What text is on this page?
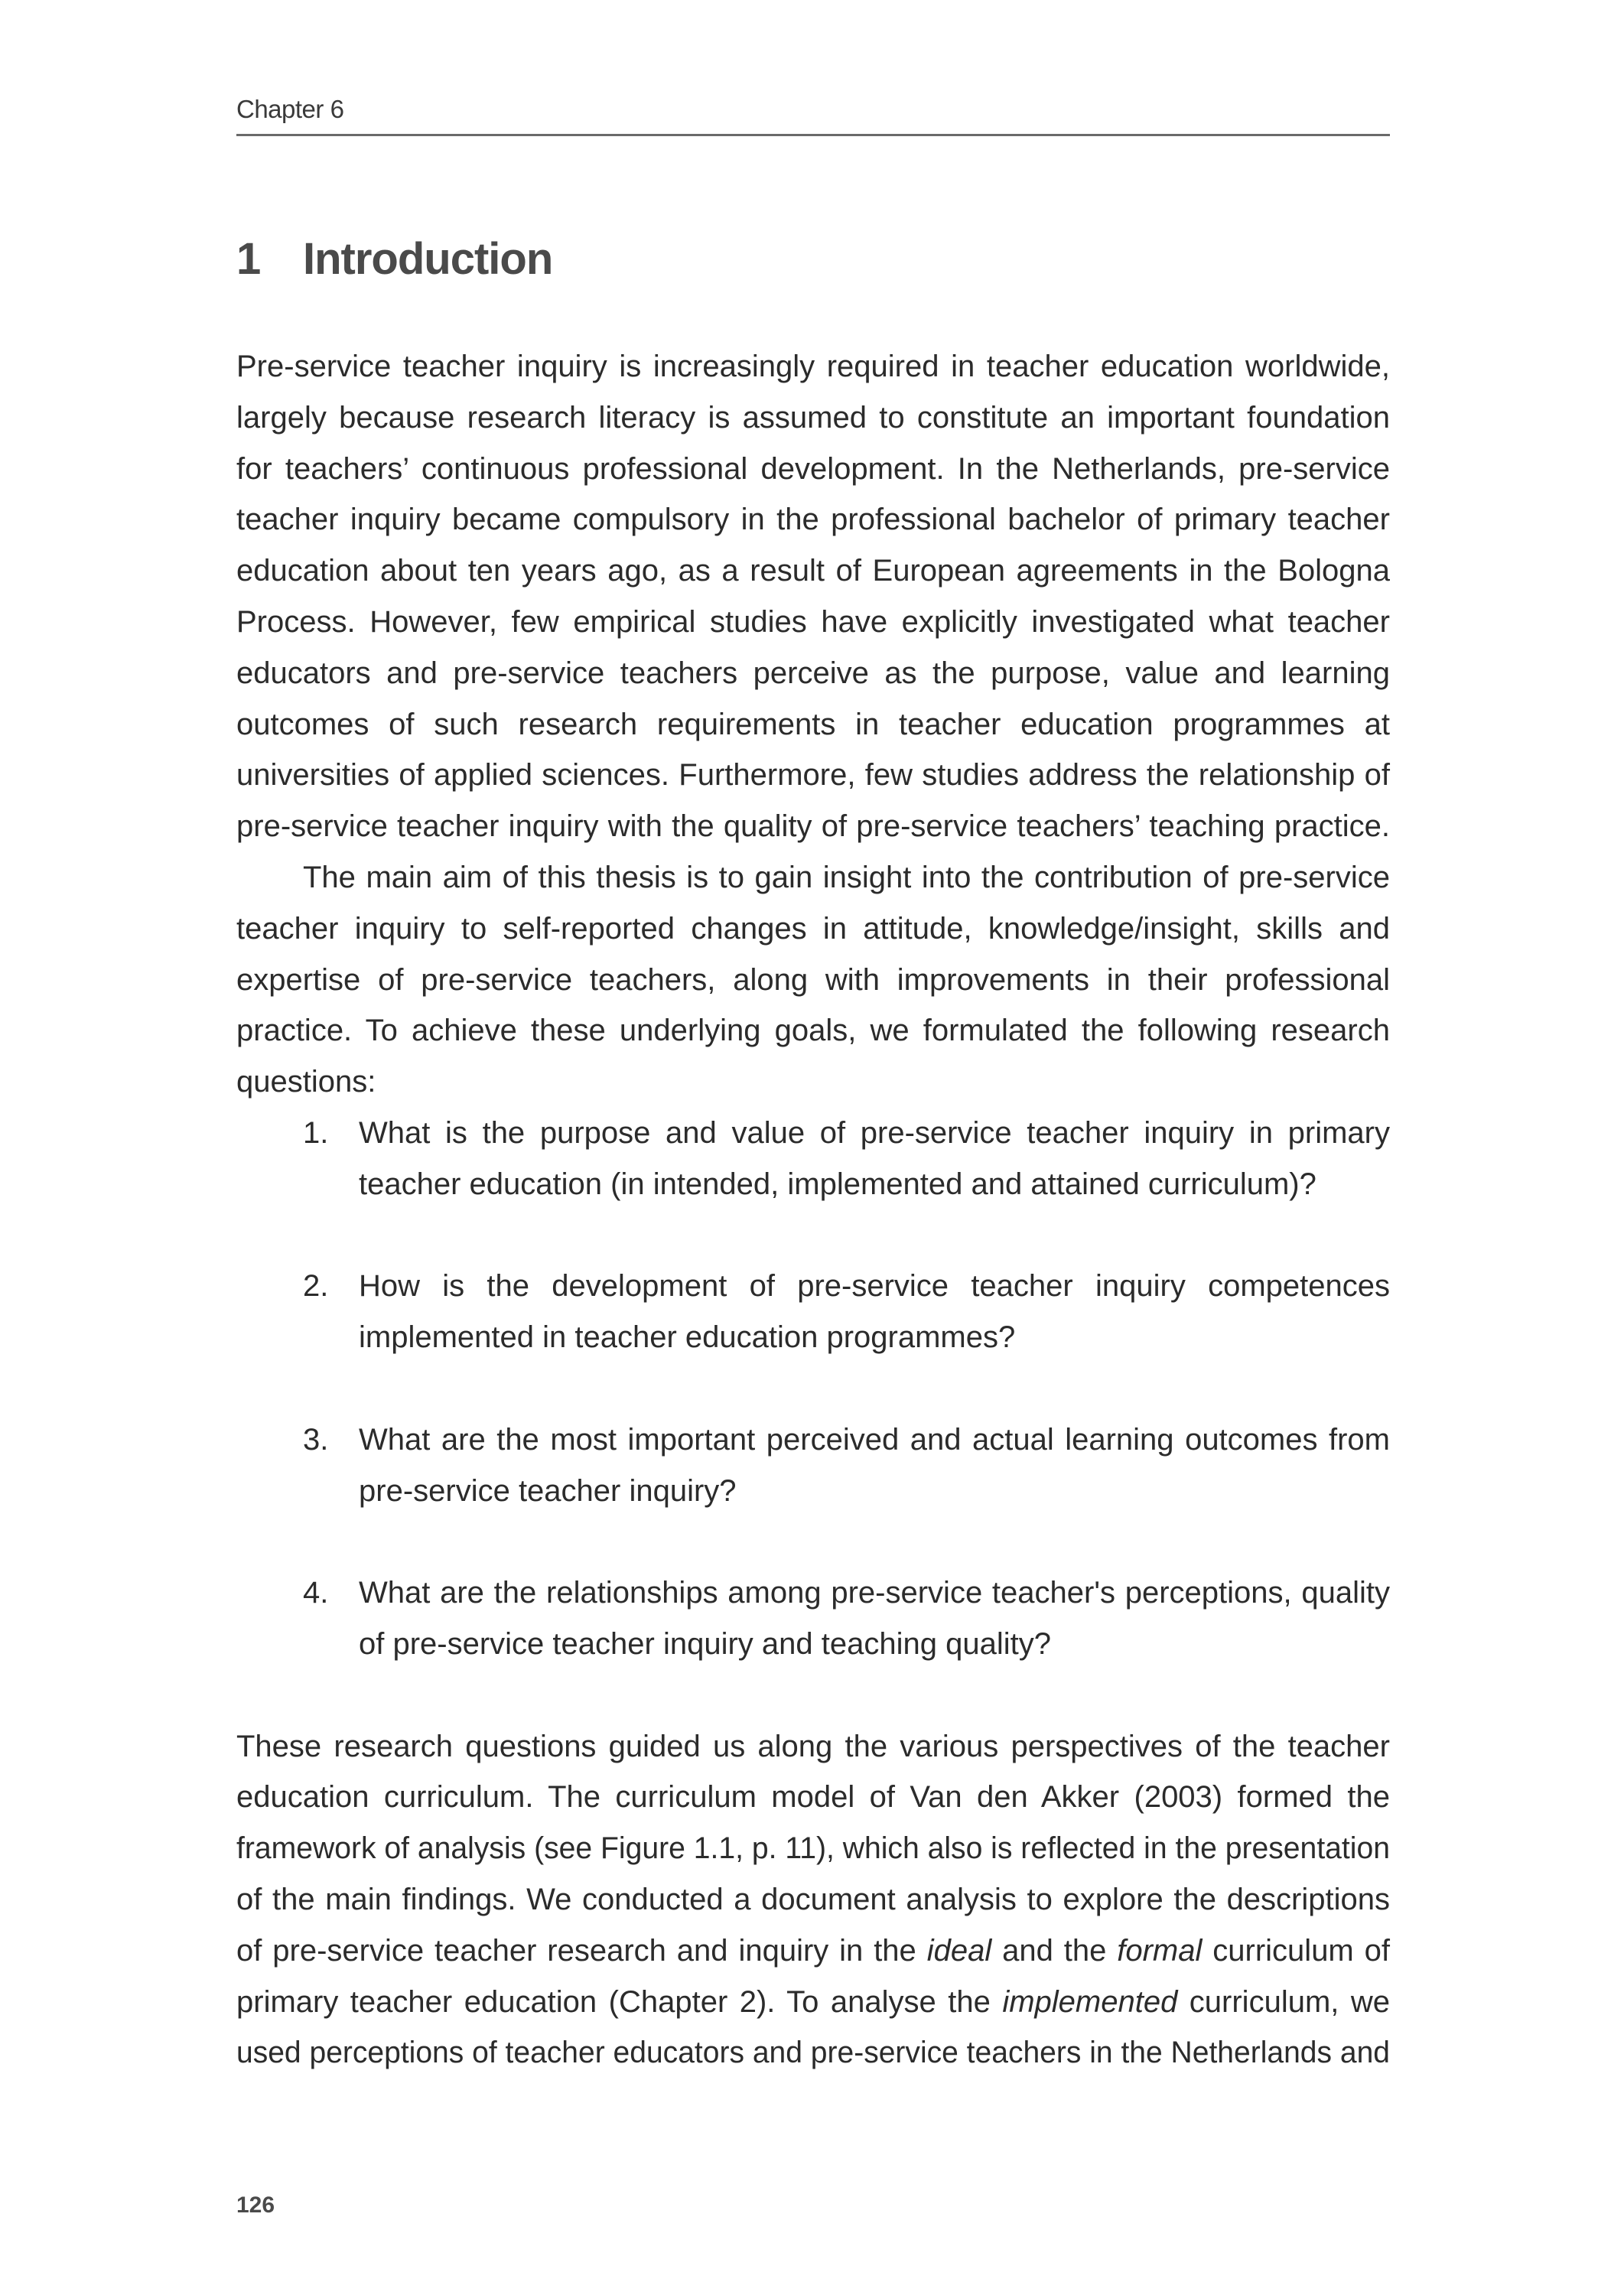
Chapter 6
1 Introduction
Pre-service teacher inquiry is increasingly required in teacher education worldwide,
largely because research literacy is assumed to constitute an important foundation
for teachers’ continuous professional development. In the Netherlands, pre-service
teacher inquiry became compulsory in the professional bachelor of primary teacher
education about ten years ago, as a result of European agreements in the Bologna
Process. However, few empirical studies have explicitly investigated what teacher
educators and pre-service teachers perceive as the purpose, value and learning
outcomes of such research requirements in teacher education programmes at
universities of applied sciences. Furthermore, few studies address the relationship of
pre-service teacher inquiry with the quality of pre-service teachers’ teaching practice.
The main aim of this thesis is to gain insight into the contribution of pre-service
teacher inquiry to self-reported changes in attitude, knowledge/insight, skills and
expertise of pre-service teachers, along with improvements in their professional
practice. To achieve these underlying goals, we formulated the following research
questions:
1. What is the purpose and value of pre-service teacher inquiry in primary
teacher education (in intended, implemented and attained curriculum)?
2. How is the development of pre-service teacher inquiry competences
implemented in teacher education programmes?
3. What are the most important perceived and actual learning outcomes from
pre-service teacher inquiry?
4. What are the relationships among pre-service teacher's perceptions, quality
of pre-service teacher inquiry and teaching quality?
These research questions guided us along the various perspectives of the teacher
education curriculum. The curriculum model of Van den Akker (2003) formed the
framework of analysis (see Figure 1.1, p. 11), which also is reflected in the presentation
of the main findings. We conducted a document analysis to explore the descriptions
of pre-service teacher research and inquiry in the ideal and the formal curriculum of
primary teacher education (Chapter 2). To analyse the implemented curriculum, we
used perceptions of teacher educators and pre-service teachers in the Netherlands and
126
